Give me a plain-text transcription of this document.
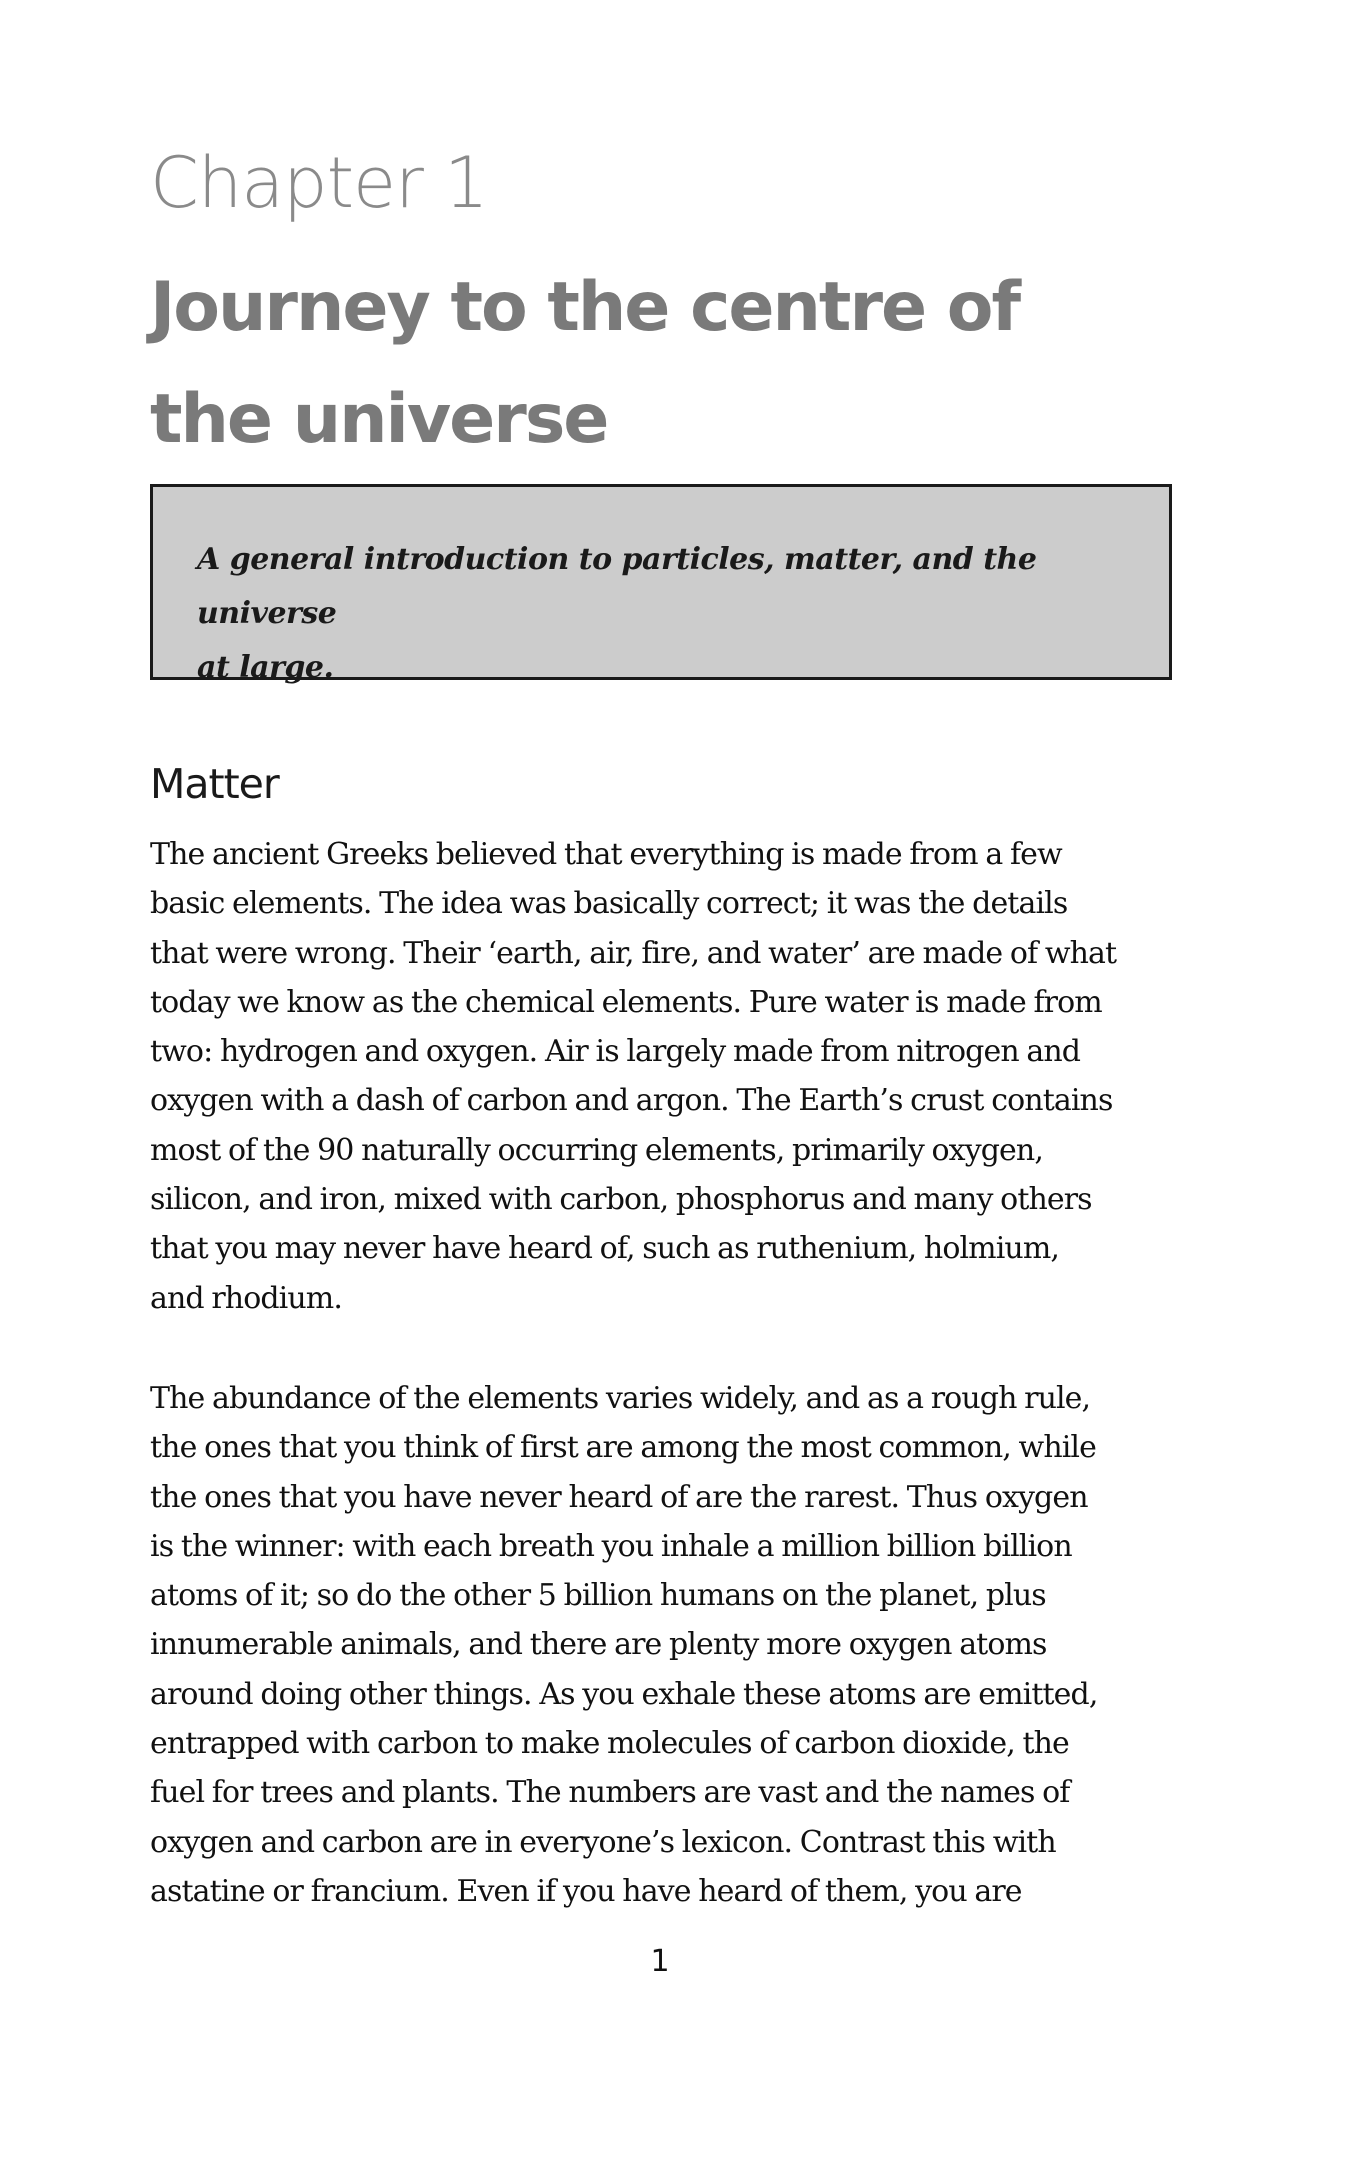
Chapter 1
Journey to the centre of
the universe
A general introduction to particles, matter, and the universe
at large.
Matter
The ancient Greeks believed that everything is made from a few
basic elements. The idea was basically correct; it was the details
that were wrong. Their ‘earth, air, fire, and water’ are made of what
today we know as the chemical elements. Pure water is made from
two: hydrogen and oxygen. Air is largely made from nitrogen and
oxygen with a dash of carbon and argon. The Earth’s crust contains
most of the 90 naturally occurring elements, primarily oxygen,
silicon, and iron, mixed with carbon, phosphorus and many others
that you may never have heard of, such as ruthenium, holmium,
and rhodium.
The abundance of the elements varies widely, and as a rough rule,
the ones that you think of first are among the most common, while
the ones that you have never heard of are the rarest. Thus oxygen
is the winner: with each breath you inhale a million billion billion
atoms of it; so do the other 5 billion humans on the planet, plus
innumerable animals, and there are plenty more oxygen atoms
around doing other things. As you exhale these atoms are emitted,
entrapped with carbon to make molecules of carbon dioxide, the
fuel for trees and plants. The numbers are vast and the names of
oxygen and carbon are in everyone’s lexicon. Contrast this with
astatine or francium. Even if you have heard of them, you are
1
